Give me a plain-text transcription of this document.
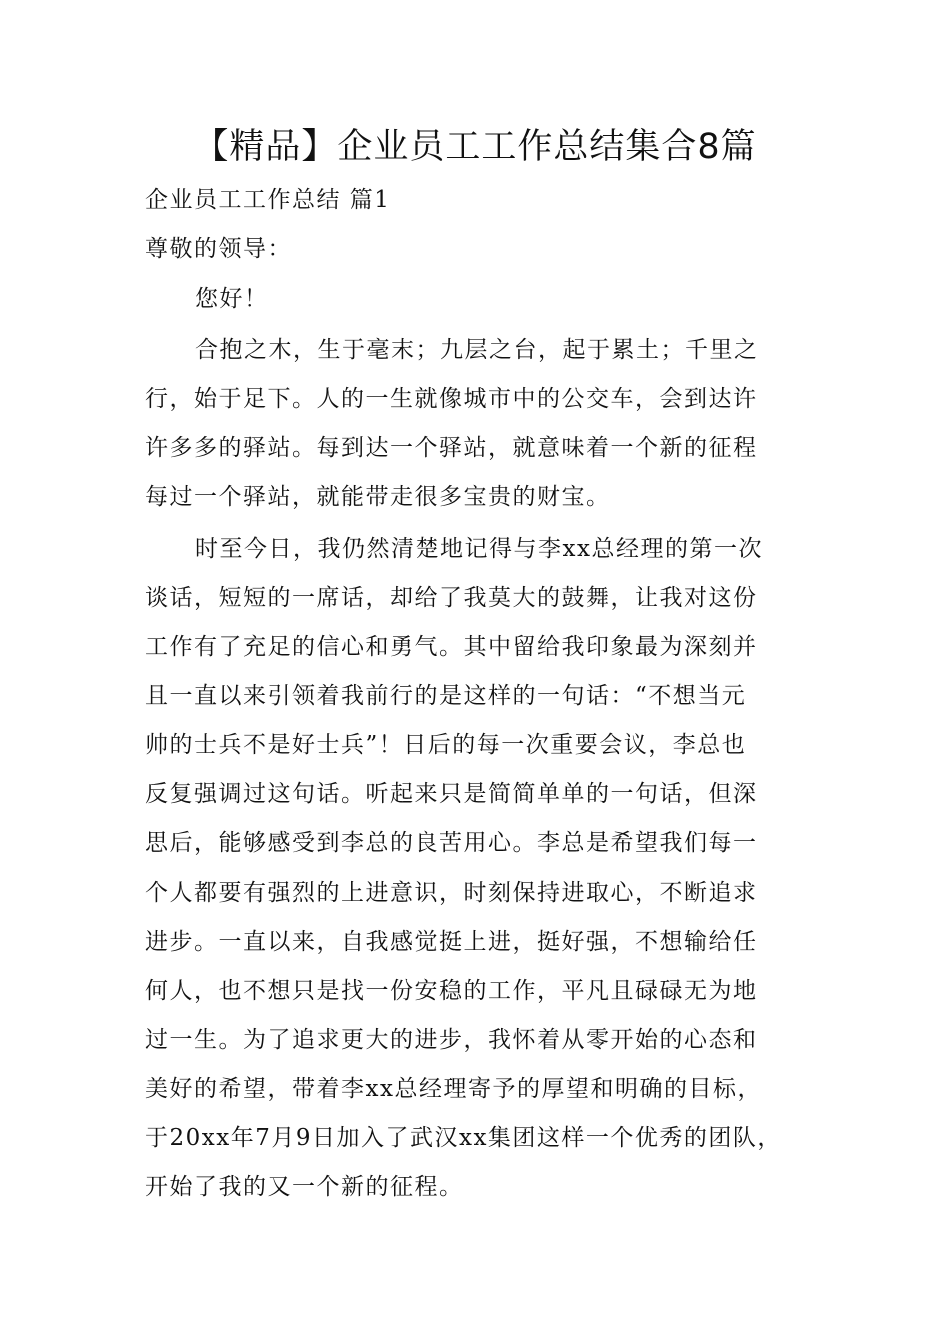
【精品】企业员工工作总结集合8篇

企业员工工作总结 篇1

尊敬的领导：

您好！

合抱之木，生于毫末；九层之台，起于累土；千里之

行，始于足下。人的一生就像城市中的公交车，会到达许

许多多的驿站。每到达一个驿站，就意味着一个新的征程

每过一个驿站，就能带走很多宝贵的财宝。

时至今日，我仍然清楚地记得与李xx总经理的第一次

谈话，短短的一席话，却给了我莫大的鼓舞，让我对这份

工作有了充足的信心和勇气。其中留给我印象最为深刻并

且一直以来引领着我前行的是这样的一句话：“不想当元

帅的士兵不是好士兵”！日后的每一次重要会议，李总也

反复强调过这句话。听起来只是简简单单的一句话，但深

思后，能够感受到李总的良苦用心。李总是希望我们每一

个人都要有强烈的上进意识，时刻保持进取心，不断追求

进步。一直以来，自我感觉挺上进，挺好强，不想输给任

何人，也不想只是找一份安稳的工作，平凡且碌碌无为地

过一生。为了追求更大的进步，我怀着从零开始的心态和

美好的希望，带着李xx总经理寄予的厚望和明确的目标，

于20xx年7月9日加入了武汉xx集团这样一个优秀的团队，

开始了我的又一个新的征程。
